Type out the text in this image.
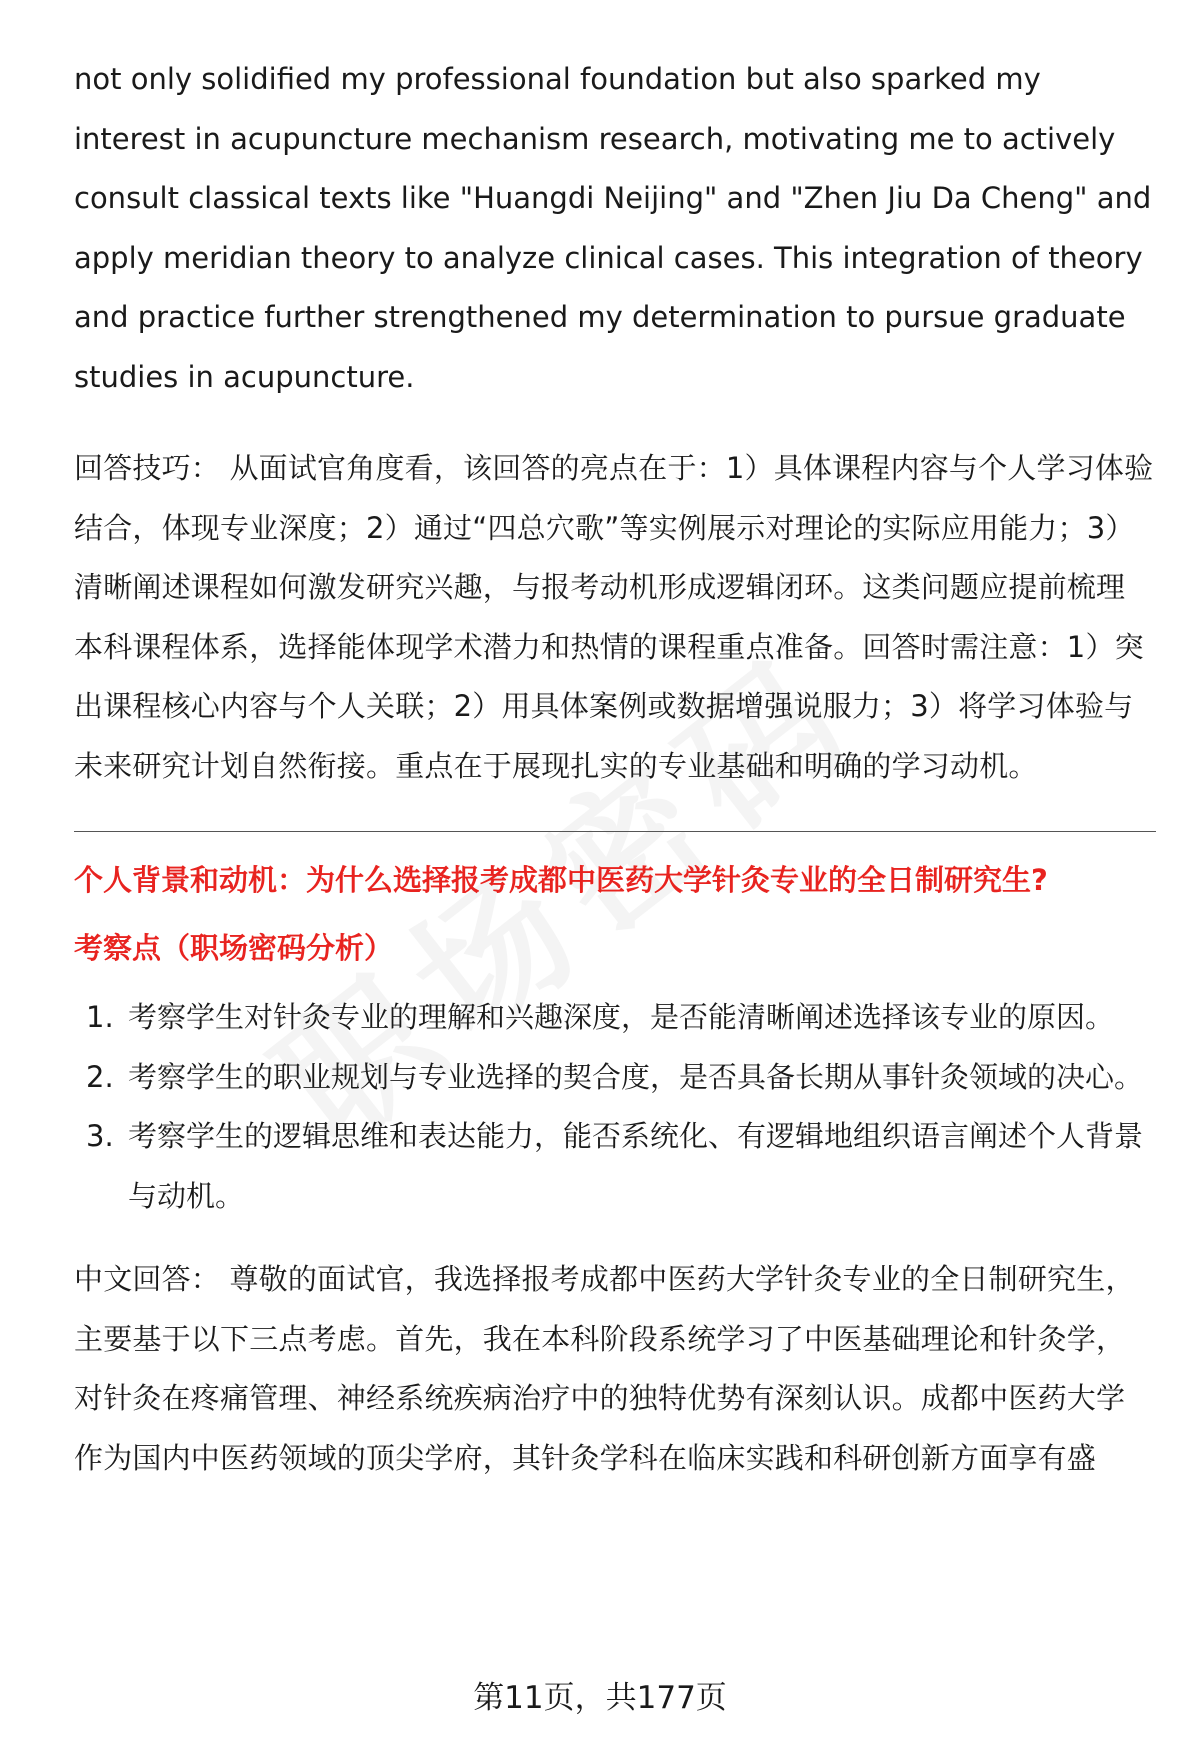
not only solidified my professional foundation but also sparked my interest in acupuncture mechanism research, motivating me to actively consult classical texts like "Huangdi Neijing" and "Zhen Jiu Da Cheng" and apply meridian theory to analyze clinical cases. This integration of theory and practice further strengthened my determination to pursue graduate studies in acupuncture.

回答技巧： 从面试官角度看，该回答的亮点在于：1）具体课程内容与个人学习体验结合，体现专业深度；2）通过“四总穴歌”等实例展示对理论的实际应用能力；3）清晰阐述课程如何激发研究兴趣，与报考动机形成逻辑闭环。这类问题应提前梳理本科课程体系，选择能体现学术潜力和热情的课程重点准备。回答时需注意：1）突出课程核心内容与个人关联；2）用具体案例或数据增强说服力；3）将学习体验与未来研究计划自然衔接。重点在于展现扎实的专业基础和明确的学习动机。

个人背景和动机：为什么选择报考成都中医药大学针灸专业的全日制研究生?

考察点（职场密码分析）

1. 考察学生对针灸专业的理解和兴趣深度，是否能清晰阐述选择该专业的原因。
2. 考察学生的职业规划与专业选择的契合度，是否具备长期从事针灸领域的决心。
3. 考察学生的逻辑思维和表达能力，能否系统化、有逻辑地组织语言阐述个人背景与动机。

中文回答： 尊敬的面试官，我选择报考成都中医药大学针灸专业的全日制研究生，主要基于以下三点考虑。首先，我在本科阶段系统学习了中医基础理论和针灸学，对针灸在疼痛管理、神经系统疾病治疗中的独特优势有深刻认识。成都中医药大学作为国内中医药领域的顶尖学府，其针灸学科在临床实践和科研创新方面享有盛

第11页，共177页
